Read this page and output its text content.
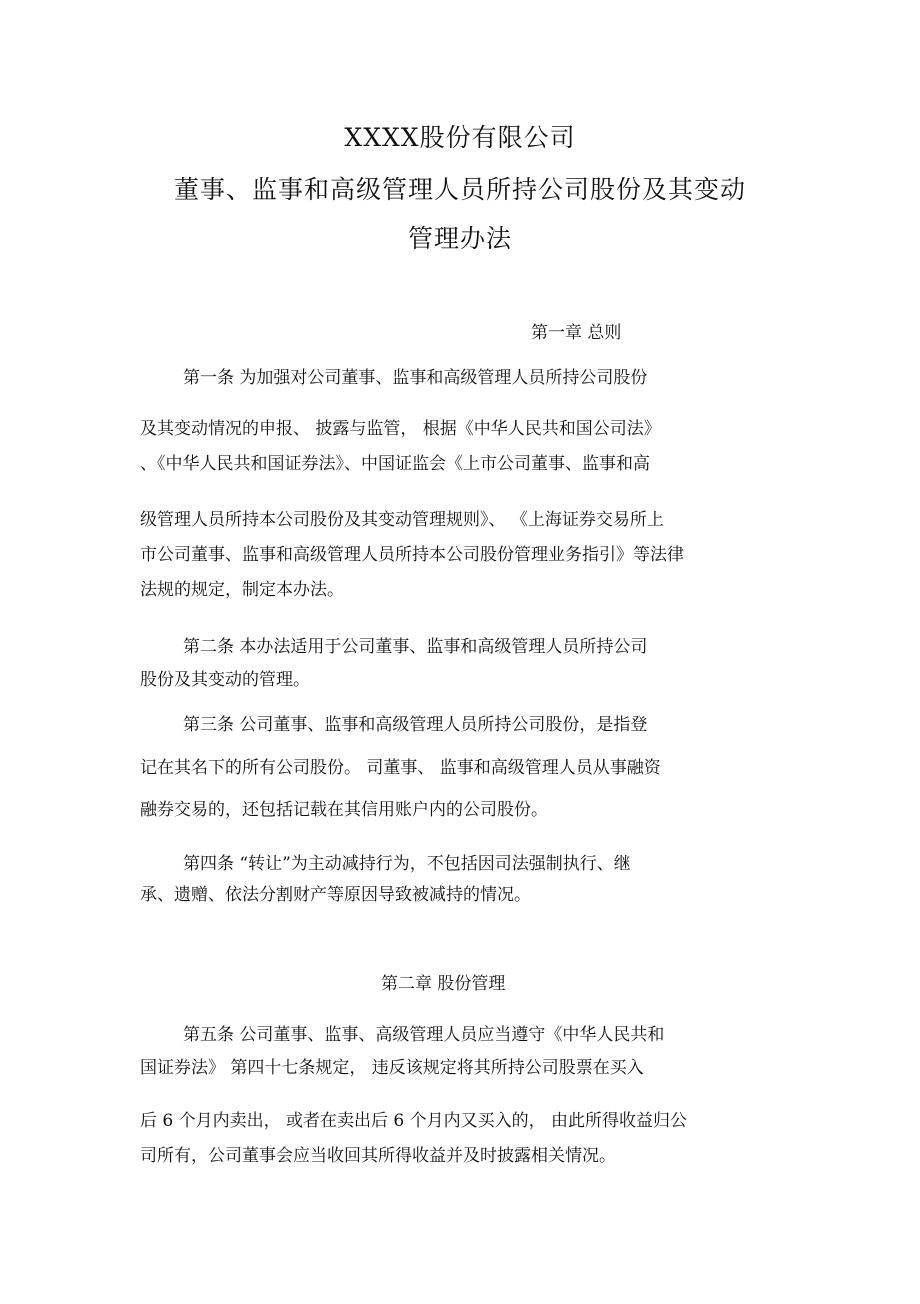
XXXX股份有限公司
董事、监事和高级管理人员所持公司股份及其变动
管理办法
第一章 总则
第一条 为加强对公司董事、监事和高级管理人员所持公司股份
及其变动情况的申报、 披露与监管， 根据《中华人民共和国公司法》
、《中华人民共和国证券法》、中国证监会《上市公司董事、监事和高
级管理人员所持本公司股份及其变动管理规则》、 《上海证券交易所上
市公司董事、监事和高级管理人员所持本公司股份管理业务指引》等法律
法规的规定，制定本办法。
第二条 本办法适用于公司董事、监事和高级管理人员所持公司
股份及其变动的管理。
第三条 公司董事、监事和高级管理人员所持公司股份，是指登
记在其名下的所有公司股份。 司董事、 监事和高级管理人员从事融资
融券交易的，还包括记载在其信用账户内的公司股份。
第四条 “转让”为主动减持行为，不包括因司法强制执行、继
承、遗赠、依法分割财产等原因导致被减持的情况。
第二章 股份管理
第五条 公司董事、监事、高级管理人员应当遵守《中华人民共和
国证券法》 第四十七条规定， 违反该规定将其所持公司股票在买入
后 6 个月内卖出， 或者在卖出后 6 个月内又买入的， 由此所得收益归公
司所有，公司董事会应当收回其所得收益并及时披露相关情况。
